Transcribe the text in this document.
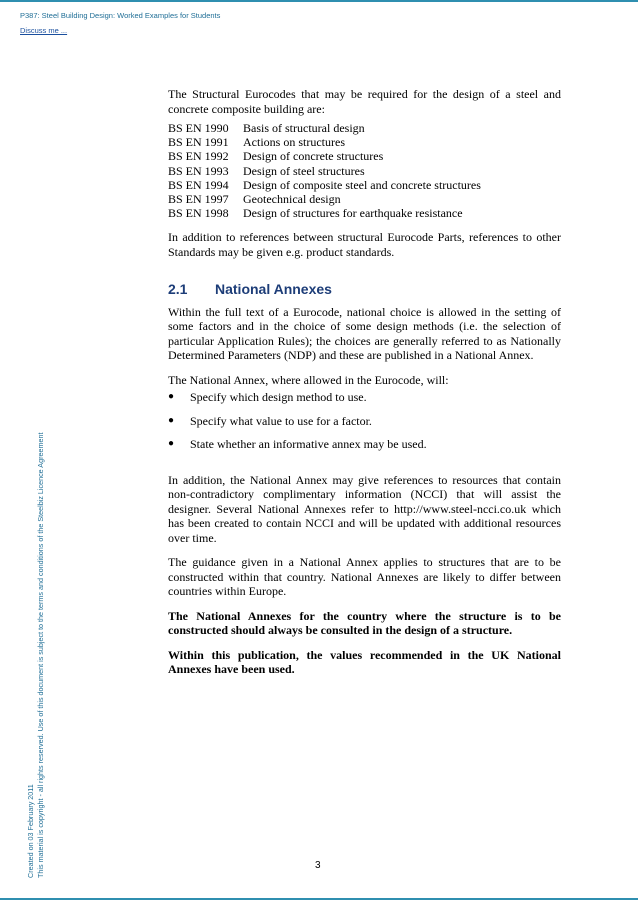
P387: Steel Building Design: Worked Examples for Students
Discuss me ...
Created on 03 February 2011 This material is copyright - all rights reserved. Use of this document is subject to the terms and conditions of the Steelbiz Licence Agreement

The Structural Eurocodes that may be required for the design of a steel and concrete composite building are:

BS EN 1990	Basis of structural design
BS EN 1991	Actions on structures
BS EN 1992	Design of concrete structures
BS EN 1993	Design of steel structures
BS EN 1994	Design of composite steel and concrete structures
BS EN 1997	Geotechnical design
BS EN 1998	Design of structures for earthquake resistance

In addition to references between structural Eurocode Parts, references to other Standards may be given e.g. product standards.

2.1	National Annexes

Within the full text of a Eurocode, national choice is allowed in the setting of some factors and in the choice of some design methods (i.e. the selection of particular Application Rules); the choices are generally referred to as Nationally Determined Parameters (NDP) and these are published in a National Annex.

The National Annex, where allowed in the Eurocode, will:

●	Specify which design method to use.
●	Specify what value to use for a factor.
●	State whether an informative annex may be used.

In addition, the National Annex may give references to resources that contain non-contradictory complimentary information (NCCI) that will assist the designer. Several National Annexes refer to http://www.steel-ncci.co.uk which has been created to contain NCCI and will be updated with additional resources over time.

The guidance given in a National Annex applies to structures that are to be constructed within that country. National Annexes are likely to differ between countries within Europe.

The National Annexes for the country where the structure is to be constructed should always be consulted in the design of a structure.

Within this publication, the values recommended in the UK National Annexes have been used.

3
